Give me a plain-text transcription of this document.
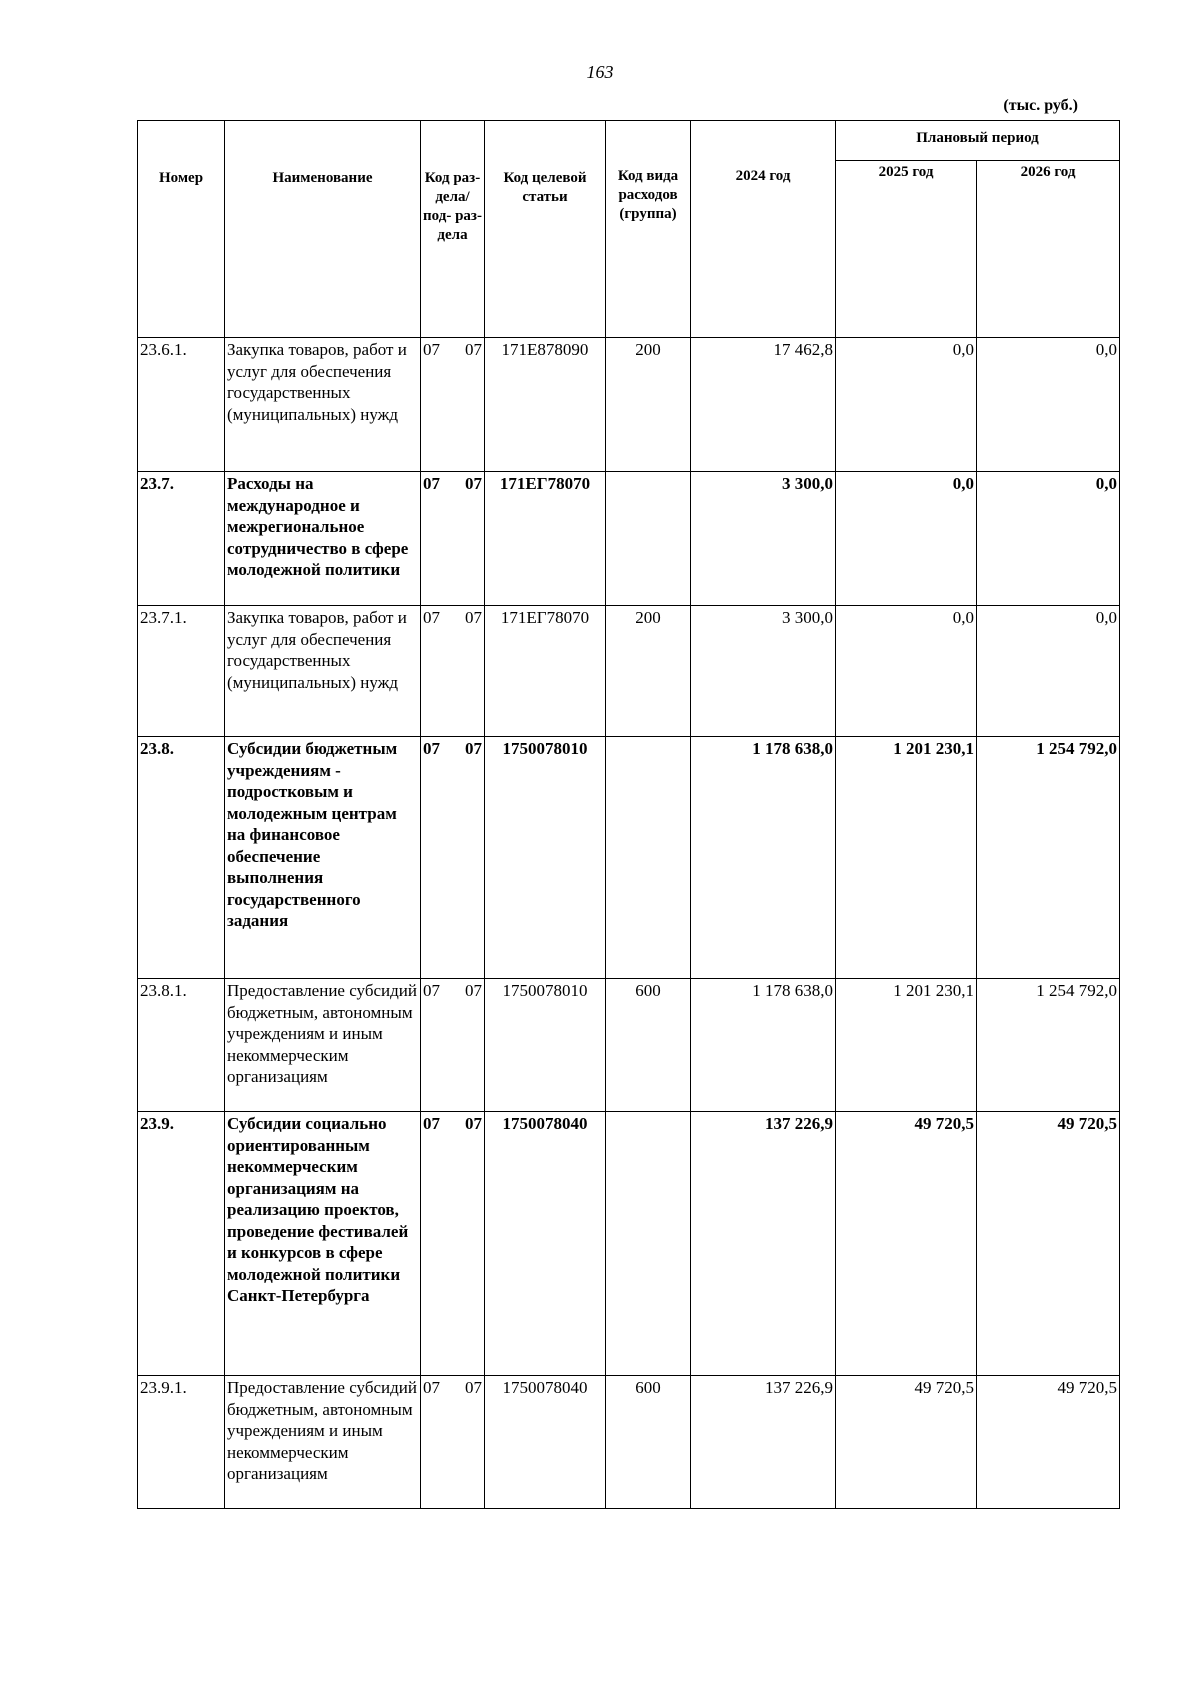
163
(тыс. руб.)
Номер	Наименование	Код раз- дела/ под- раз- дела	Код целевой статьи	Код вида расходов (группа)	2024 год	Плановый период	
						2025 год	2026 год
23.6.1.	Закупка товаров, работ и услуг для обеспечения государственных (муниципальных) нужд	07 07	171E878090	200	17 462,8	0,0	0,0
23.7.	Расходы на международное и межрегиональное сотрудничество в сфере молодежной политики	07 07	171ЕГ78070		3 300,0	0,0	0,0
23.7.1.	Закупка товаров, работ и услуг для обеспечения государственных (муниципальных) нужд	07 07	171ЕГ78070	200	3 300,0	0,0	0,0
23.8.	Субсидии бюджетным учреждениям - подростковым и молодежным центрам на финансовое обеспечение выполнения государственного задания	07 07	1750078010		1 178 638,0	1 201 230,1	1 254 792,0
23.8.1.	Предоставление субсидий бюджетным, автономным учреждениям и иным некоммерческим организациям	07 07	1750078010	600	1 178 638,0	1 201 230,1	1 254 792,0
23.9.	Субсидии социально ориентированным некоммерческим организациям на реализацию проектов, проведение фестивалей и конкурсов в сфере молодежной политики Санкт-Петербурга	07 07	1750078040		137 226,9	49 720,5	49 720,5
23.9.1.	Предоставление субсидий бюджетным, автономным учреждениям и иным некоммерческим организациям	07 07	1750078040	600	137 226,9	49 720,5	49 720,5
